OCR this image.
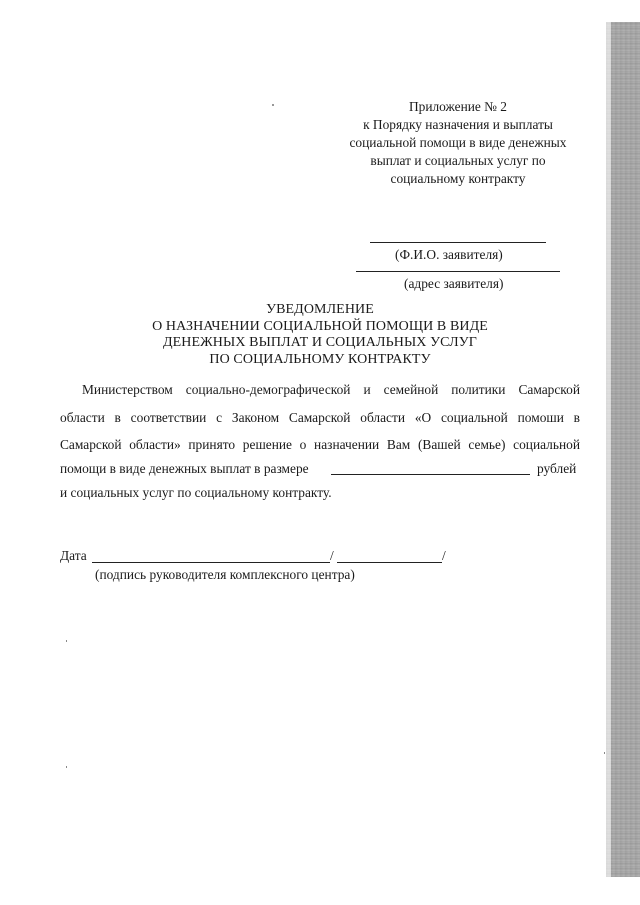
Приложение № 2
к Порядку назначения и выплаты
социальной помощи в виде денежных
выплат и социальных услуг по
социальному контракту
(Ф.И.О. заявителя)
(адрес заявителя)
УВЕДОМЛЕНИЕ
О НАЗНАЧЕНИИ СОЦИАЛЬНОЙ ПОМОЩИ В ВИДЕ
ДЕНЕЖНЫХ ВЫПЛАТ И СОЦИАЛЬНЫХ УСЛУГ
ПО СОЦИАЛЬНОМУ КОНТРАКТУ
Министерством социально-демографической и семейной политики Самарской
области в соответствии с Законом Самарской области «О социальной помоши в
Самарской области» принято решение о назначении Вам (Вашей семье) социальной
помощи в виде денежных выплат в размере	рублей
и социальных услуг по социальному контракту.
Дата	/	/
(подпись руководителя комплексного центра)
